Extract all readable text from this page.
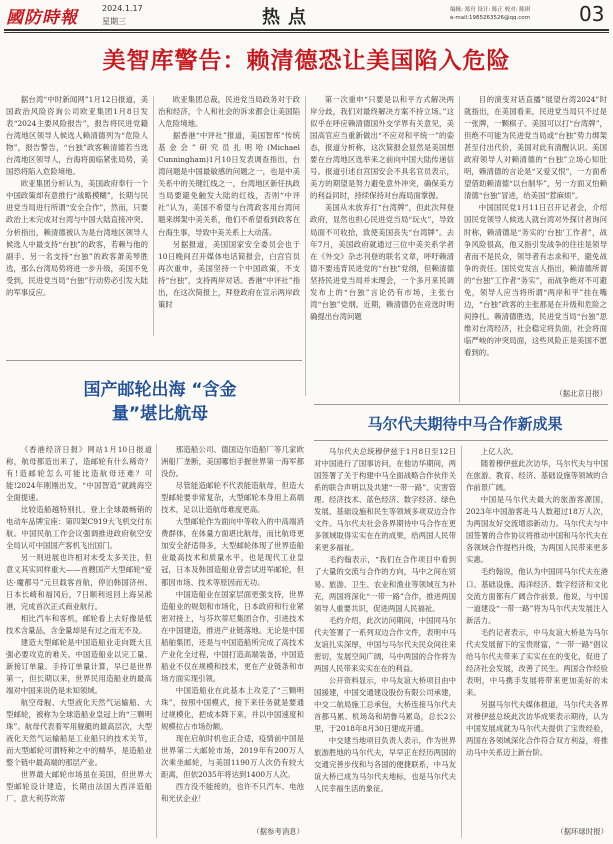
國防時報	2024.1.17
星期三	热点	编辑: 郑舟 设计: 陈正 校对: 陈琪
e-mail:1985263526@qq.com 03
美智库警告：赖清德恐让美国陷入危险

据台湾“中时新闻网”1月12日报道，美国政治风险咨询公司欧亚集团1月8日发表“2024主要风险报告”，报告将民进党籍台湾地区领导人候选人赖清德列为“危险人物”，报告警告，“台独”政客赖清德若当选台湾地区领导人，台海将面临紧张局势，美国恐将陷入危险境地。

欧亚集团分析认为，美国政府奉行一个中国政策却有意推行“战略模糊”，长期与民进党当局进行所谓“安全合作”，然而，只要政治上未完成对台湾与中国大陆直接冲突。分析指出，赖清德被认为是台湾地区领导人候选人中最支持“台独”的政客，若赖与他的副手、另一名支持“台独”的政客萧美琴胜选，那么台湾局势将进一步升级，美国不免受到，民进党当局“台独”行动势必引发大陆的军事反应。

欧亚集团总裁，民进党当局政务对于政治和经济，个人和社会的诉求都会让美国陷入危险境地。

据香港“中评社”报道，美国智库“传统基金会”研究员扎明哈(Michael Cunningham)1月10日发表调查指出，台湾问题是中国最敏感的问题之一，也是中美关系中的关键红线之一，台湾地区新任执政当局要避免触发大陆的红线，否则“中评社”认为，美国不希望与台湾政客用台湾问题来绑架中美关系，他们不希望看到政客在台海生事，导致中美关系上大动荡。

另据报道，美国国家安全委员会也于10日晚间召开媒体电话简报会，白宫官员再次重申，美国坚持一个中国政策，不支持“台独”，支持两岸对话。香港“中评社”指出，在这次简报上，拜登政府在宣示两岸政策时

第一次重申“只要是以和平方式解决两岸分歧，我们对最终解决方案不持立场。”这似乎在呼应赖清德国外交学界有关意见，美国高官应当重新做出“不应对和平统一”的姿态，报道分析称，这次简报会显然是美国想要在台湾地区选举来之前向中国大陆传递信号。报道引述自宫国安会不具名官员表示，美方的期望是努力避免意外冲突，确保美方的利益同时，持续保持对台海局面掌握。

美国从未放弃打“台湾牌”，但此次拜登政府，显然也担心民进党当局“玩火”，导致局面不可收拾，致使美国丧失“台湾牌”。去年7月，美国政府就通过三位中美关系学者在《外交》杂志刊登的联名文章，呼吁赖清德不要违背民进党的“台独”党纲，但赖清德坚持民进党当局并未理会，一个多月来民调发布上的“台独”言论仍有市场，主张台湾“台独”党纲。近期，赖清德仍在竞选时明确提出台湾问题

目的演变对话直播”展望台湾2024”时就指出，在美国看来，民进党当局只不过是一张牌，一颗棋子。美国可以打“台湾牌”，但绝不可能为民进党当局或“台独”势力绑架甚至付出代价，美国对此有清醒认识。美国政府领导人对赖清德的“台独”立场心知肚明，赖清德的言论是“又爱又恨”，一方面希望借助赖清德“以台制华”，另一方面又怕赖清德“台独”冒进，给美国“惹麻烦”。

中国国民党1月11日召开记者会，介绍国民党领导人候选人就台湾对外探讨者询问时称，赖清德是“务实的‘台独’工作者”，战争风险很高，他又指引发战争的往往是领导者而不是民众，领导者有志求和平，避免战争的责任。国民党发言人指出，赖清德所谓的“台独”工作者“务实”，而战争绝对不可避免，领导人应当将所谓“两岸和平”挂在嘴边，“台独”政客的主张都是在升级和危险之间挣扎。赖清德胜选，民进党当局“台独”思维对台湾经济，社会稳定将负面，社会将面临严峻的冲突局面，这些风险正是美国不愿看到的。

（据北京日报）
国产邮轮出海 “含金量”堪比航母

《香港经济日报》网站1月10日报道称，航母都造出来了，造邮轮有什么稀奇？有!造邮轮怎么可能比造航母还难？可能!2024年刚刚出发，“中国智造”就跳海空全面提速。

比较造船越特别扎，登上全球最畅销的电动车品牌宝座：第四架C919大飞机交付东航。中国民航工作会议强调推进政府航空安全局认可中国国产客机飞出国门。

另一则进展也许相对未受太多关注，但意义其实同样重大——首艘国产大型邮轮“爱达·魔都号”元旦载客首航，停泊韩国济州、日本长崎和福冈后，7日顺利返回上海吴淞港，完成首次正式商业航行。

相比汽车和客机，邮轮看上去好像是低技术含量品，含金量却是有过之而无不及。

建造大型邮轮是中国造船业走向既大且强必要攻克的难关。中国造船业以完工量、新接订单量、手持订单量计算，早已是世界第一，但长期以来，世界民用造船业的最高端对中国来说仍是未知领域。

航空母舰、大型液化天然气运输船、大型邮轮，被称为全球造船业皇冠上的“三颗明珠”。航母代表着军用舰艇的最高层次，大型液化天然气运输船是工业船只的技术关节，而大型邮轮可谓特种之中的精华，是造船业整个链中最高端的那层产业。

世界最大邮轮市场虽在美国，但世界大型邮轮设计建造，长期由法国大西洋造船厂、意大利芬坎蒂

那造船公司、德国迈尔造船厂等几家欧洲船厂垄断，美国哪怕手握世界第一海军都没份。

尽管能造邮轮不代表能造航母，但造大型邮轮要非常复杂，大型邮轮本身用上高端技术，足以让造航母难度更高。

大型邮轮作为面向中等收入的中高端消费群体，在体量方面堪比航母，而比航母更加安全舒适得多，大型邮轮体现了世界造船业最高技术和质量水平，也是现代工业皇冠，日本及韩国造船业曾尝试进军邮轮，但都因市场、技术等原因而无功。

中国造船业在国家层面更强支持，世界造船业的规划和市场化，日本政府和行业紧密对接上，与芬坎蒂尼集团合作，引进技术在中国建造，推进产业链落地。无论是中国船舶集团，还是与中国造船所完成了高技术产业化全过程，中国打造高端装备，中国造船业不仅在规模和技术，更在产业链条和市场方面实现引领。

中国造船业在此基本上攻克了“三颗明珠”，按照中国模式，接下来任务就是要通过规模化，把成本降下来，并以中国速度和规模拉占市场份额。

现在启航时机也正合适，疫情前中国是世界第二大邮轮市场，2019年有200万人次乘坐邮轮，与美国1190万人次仍有较大距离，但依2035年将达到1400万人次。

西方没不能接的，也许不只汽车、电池和光伏企业！

（据参考消息）
马尔代夫期待中马合作新成果

马尔代夫总统穆伊兹于1月8日至12日对中国进行了国事访问，在他访华期间，两国签署了关于构建中马全面战略合作伙伴关系的联合声明以及共建“一带一路”、灾害管理、经济技术、蓝色经济、数字经济、绿色发展、基础设施和民生等领域多项双边合作文件。马尔代夫社会各界期待中马合作在更多领域取得实实在在的成果，给两国人民带来更多福祉。

毛约翰表示，“我们在合作项目中看到了大量的交流与合作的方向，马中之间在贸易、旅游、卫生、农业和渔业等领域互为补充，两国将深化“一带一路”合作，推进两国领导人重要共识，促进两国人民福祉。

毛约介绍，此次访问期间，中国同马尔代夫签署了一系列双边合作文件，表明中马友谊扎实深厚，中国与马尔代夫民众间往来密切，发展空间广阔，马中两国的合作将为两国人民带来实实在在的利益。

公开资料显示，中马友谊大桥项目由中国援建，中国交通建设股份有限公司承建，中交二航局施工总承包，大桥连接马尔代夫首都马累、机场岛和胡鲁马累岛，总长2公里，于2018年8月30日建成开通。

中交建当地项目负责人表示，作为世界旅游胜地的马尔代夫，早早正在经历两国的交通完善步伐和与各国的便捷联系，中马友谊大桥已成为马尔代夫地标，也是马尔代夫人民幸福生活的象征。

上亿人次。

随着穆伊兹此次访华，马尔代夫与中国在旅游、教育、经济、基础设施等领域的合作前景广阔。

中国是马尔代夫最大的旅游客源国，2023年中国游客赴马人数超过18万人次，为两国友好交流增添新动力。马尔代夫与中国签署的合作协议将推动中国和马尔代夫在各领域合作提档升级，为两国人民带来更多实惠。

毛约翰说，他认为中国同马尔代夫在港口、基础设施、海洋经济、数字经济和文化交流方面都有广阔合作前景。他说，与中国一道建设“一带一路”将为马尔代夫发展注入新活力。

毛约记者表示，中马友谊大桥是为马尔代夫发展留下的宝贵财富，“一带一路”倡议给马尔代夫带来了实实在在的变化，促进了经济社会发展，改善了民生。两国合作经验表明，中马携手发展将带来更加美好的未来。

另据马尔代夫媒体报道，马尔代夫各界对穆伊兹总统此次访华成果表示期待，认为中国发展成就为马尔代夫提供了宝贵经验，两国在各领域深化合作符合双方利益，将推动马中关系迈上新台阶。

（据环球时报）
